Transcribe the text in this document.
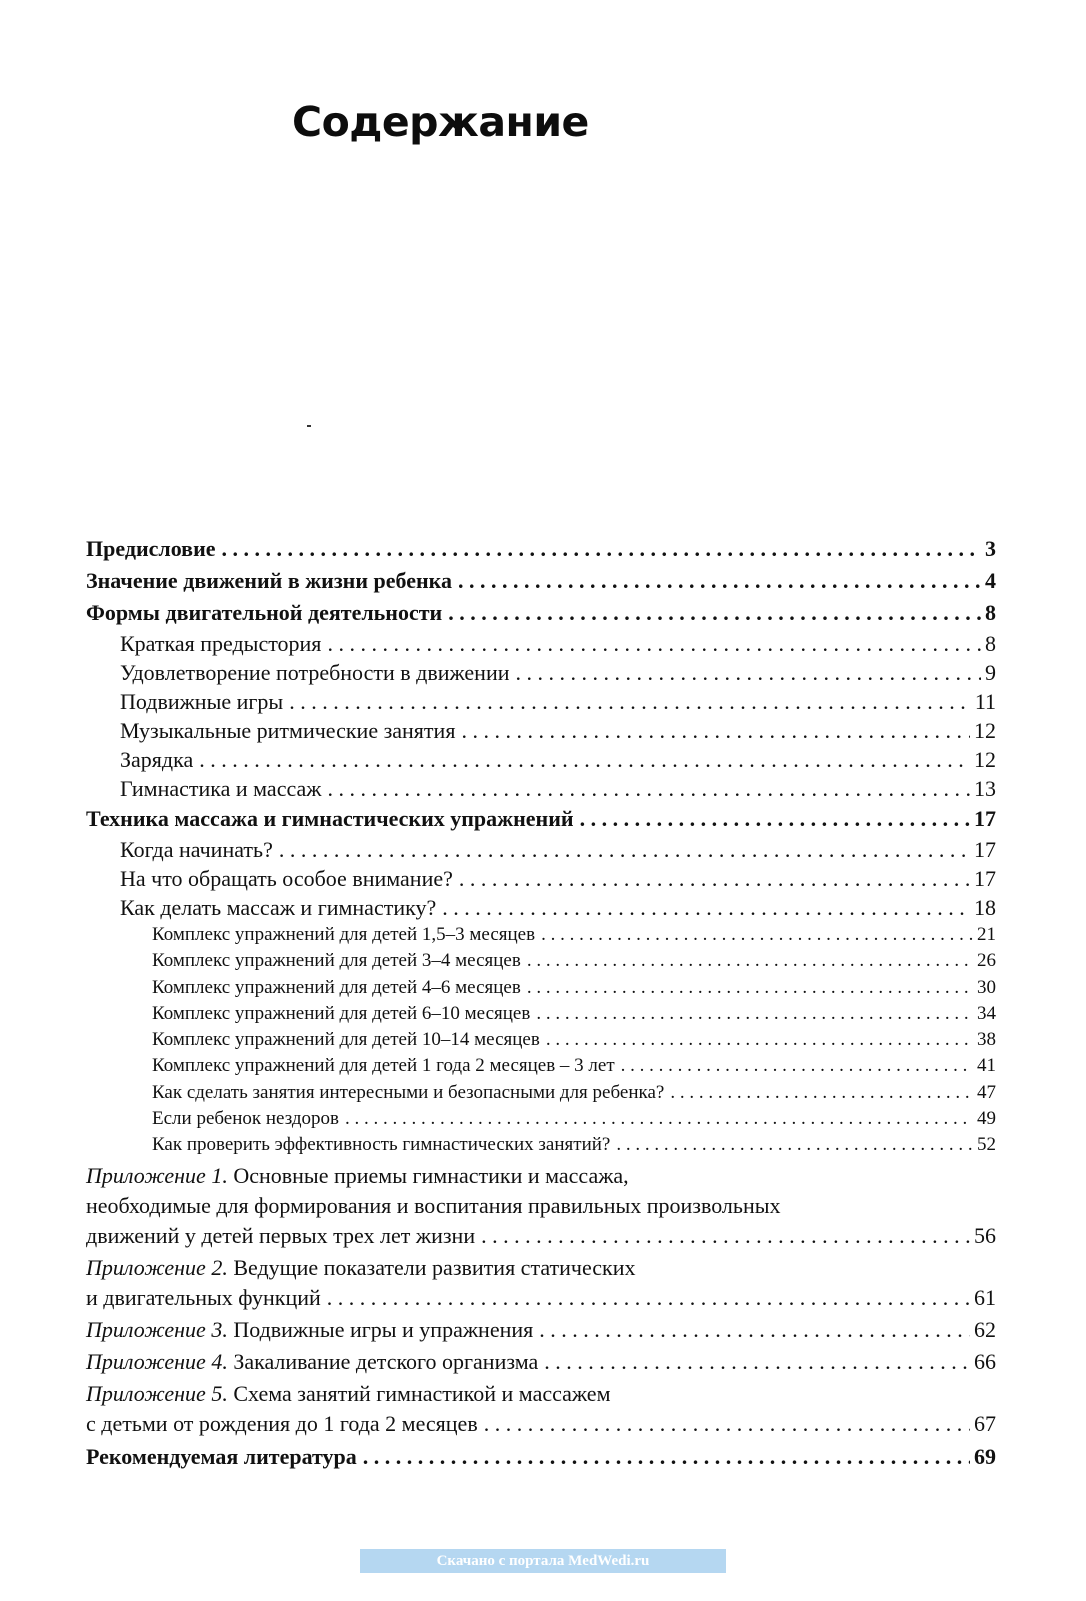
Содержание
Предисловие . . .	3
Значение движений в жизни ребенка . . .	4
Формы двигательной деятельности . . .	8
Краткая предыстория . . .	8
Удовлетворение потребности в движении . . .	9
Подвижные игры . . .	11
Музыкальные ритмические занятия . . .	12
Зарядка . . .	12
Гимнастика и массаж . . .	13
Техника массажа и гимнастических упражнений . . .	17
Когда начинать? . . .	17
На что обращать особое внимание? . . .	17
Как делать массаж и гимнастику? . . .	18
Комплекс упражнений для детей 1,5–3 месяцев . . .	21
Комплекс упражнений для детей 3–4 месяцев . . .	26
Комплекс упражнений для детей 4–6 месяцев . . .	30
Комплекс упражнений для детей 6–10 месяцев . . .	34
Комплекс упражнений для детей 10–14 месяцев . . .	38
Комплекс упражнений для детей 1 года 2 месяцев – 3 лет . . .	41
Как сделать занятия интересными и безопасными для ребенка? . . .	47
Если ребенок нездоров . . .	49
Как проверить эффективность гимнастических занятий? . . .	52
Приложение 1. Основные приемы гимнастики и массажа,
необходимые для формирования и воспитания правильных произвольных
движений у детей первых трех лет жизни . . .	56
Приложение 2. Ведущие показатели развития статических
и двигательных функций . . .	61
Приложение 3. Подвижные игры и упражнения . . .	62
Приложение 4. Закаливание детского организма . . .	66
Приложение 5. Схема занятий гимнастикой и массажем
с детьми от рождения до 1 года 2 месяцев . . .	67
Рекомендуемая литература . . .	69
Скачано с портала MedWedi.ru
